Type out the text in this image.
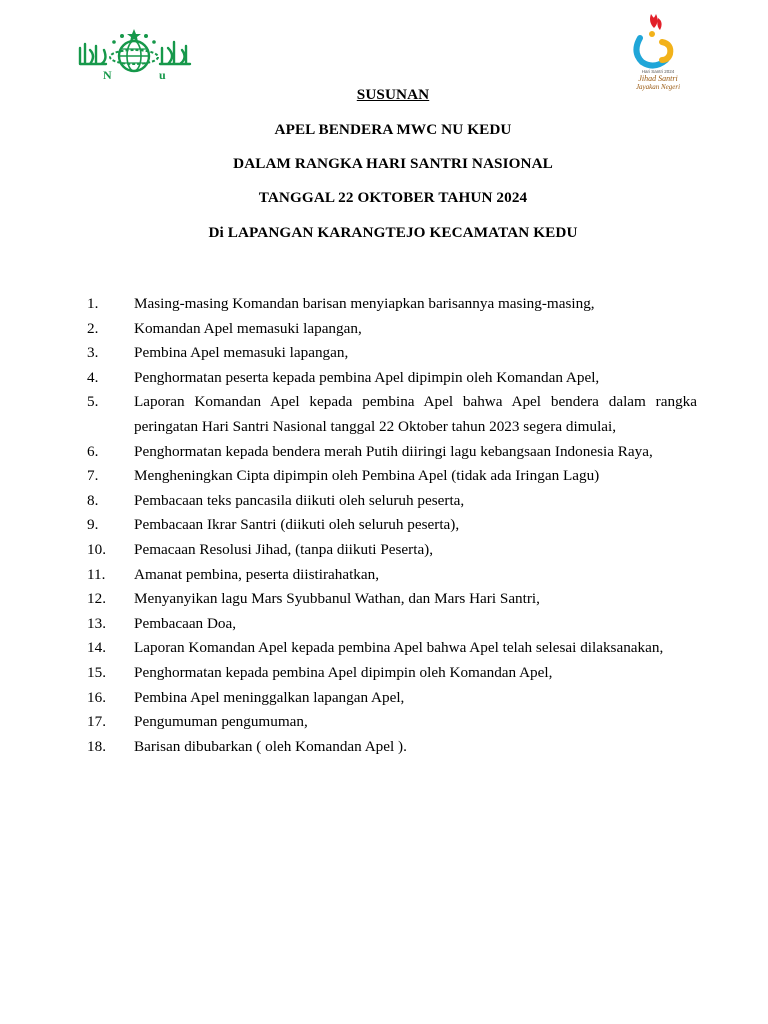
N	u	Hari Santri 2024
Jihad Santri
Jayakan Negeri
SUSUNAN
APEL BENDERA MWC NU KEDU
DALAM RANGKA HARI SANTRI NASIONAL
TANGGAL 22 OKTOBER TAHUN 2024
Di LAPANGAN KARANGTEJO KECAMATAN KEDU
1.	Masing-masing Komandan barisan menyiapkan barisannya masing-masing,
2.	Komandan Apel memasuki lapangan,
3.	Pembina Apel memasuki lapangan,
4.	Penghormatan peserta kepada pembina Apel dipimpin oleh Komandan Apel,
5.	Laporan Komandan Apel kepada pembina Apel bahwa Apel bendera dalam rangka peringatan Hari Santri Nasional tanggal 22 Oktober tahun 2023 segera dimulai,
6.	Penghormatan kepada bendera merah Putih diiringi lagu kebangsaan Indonesia Raya,
7.	Mengheningkan Cipta dipimpin oleh Pembina Apel (tidak ada Iringan Lagu)
8.	Pembacaan teks pancasila diikuti oleh seluruh peserta,
9.	Pembacaan Ikrar Santri (diikuti oleh seluruh peserta),
10.	Pemacaan Resolusi Jihad, (tanpa diikuti Peserta),
11.	Amanat pembina, peserta diistirahatkan,
12.	Menyanyikan lagu Mars Syubbanul Wathan, dan Mars Hari Santri,
13.	Pembacaan Doa,
14.	Laporan Komandan Apel kepada pembina Apel bahwa Apel telah selesai dilaksanakan,
15.	Penghormatan kepada pembina Apel dipimpin oleh Komandan Apel,
16.	Pembina Apel meninggalkan lapangan Apel,
17.	Pengumuman pengumuman,
18.	Barisan dibubarkan ( oleh Komandan Apel ).
